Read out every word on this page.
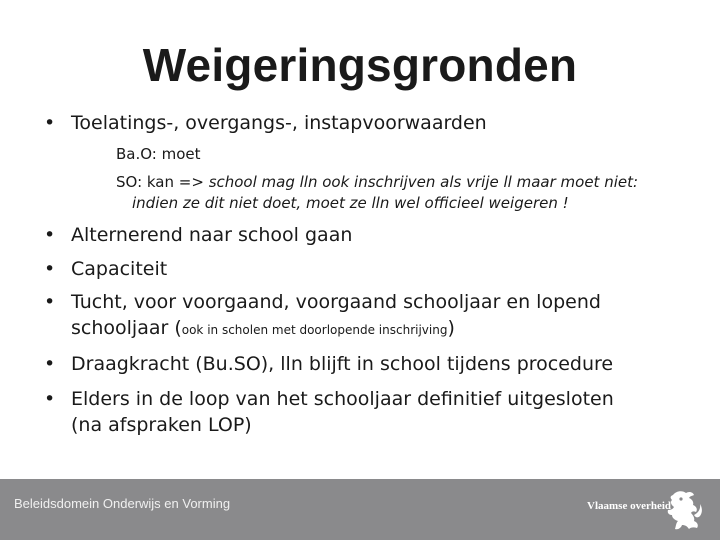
Weigeringsgronden
• Toelatings-, overgangs-, instapvoorwaarden
Ba.O: moet
SO: kan => school mag lln ook inschrijven als vrije ll maar moet niet:
indien ze dit niet doet, moet ze lln wel officieel weigeren !
• Alternerend naar school gaan
• Capaciteit
• Tucht, voor voorgaand, voorgaand schooljaar en lopend
schooljaar (ook in scholen met doorlopende inschrijving)
• Draagkracht (Bu.SO), lln blijft in school tijdens procedure
• Elders in de loop van het schooljaar definitief uitgesloten
(na afspraken LOP)
Beleidsdomein Onderwijs en Vorming	Vlaamse overheid
